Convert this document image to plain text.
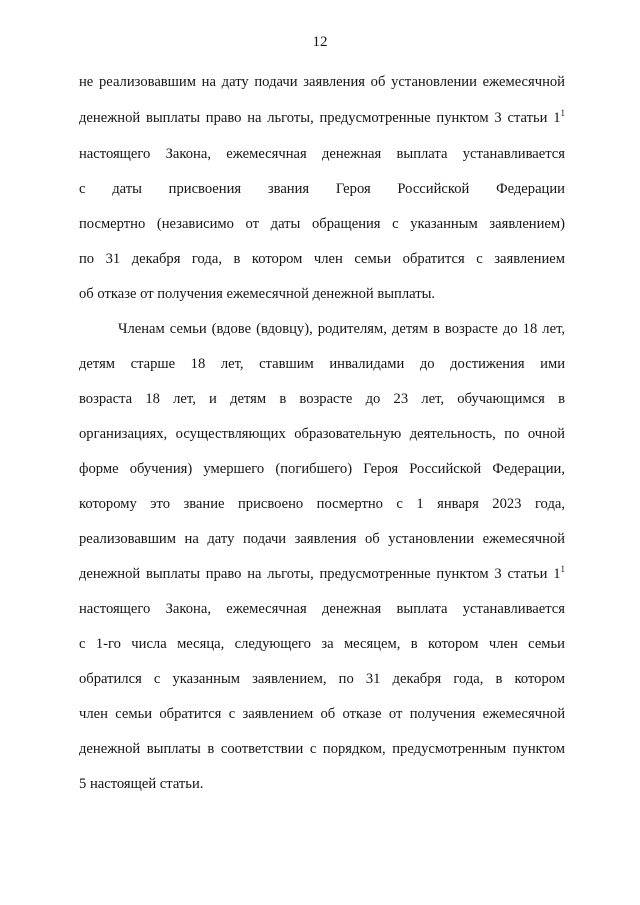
12
не реализовавшим на дату подачи заявления об установлении ежемесячной
денежной выплаты право на льготы, предусмотренные пунктом 3 статьи $1^1$
настоящего Закона, ежемесячная денежная выплата устанавливается
с даты присвоения звания Героя Российской Федерации
посмертно (независимо от даты обращения с указанным заявлением)
по 31 декабря года, в котором член семьи обратится с заявлением
об отказе от получения ежемесячной денежной выплаты.
Членам семьи (вдове (вдовцу), родителям, детям в возрасте до 18 лет,
детям старше 18 лет, ставшим инвалидами до достижения ими
возраста 18 лет, и детям в возрасте до 23 лет, обучающимся в
организациях, осуществляющих образовательную деятельность, по очной
форме обучения) умершего (погибшего) Героя Российской Федерации,
которому это звание присвоено посмертно с 1 января 2023 года,
реализовавшим на дату подачи заявления об установлении ежемесячной
денежной выплаты право на льготы, предусмотренные пунктом 3 статьи $1^1$
настоящего Закона, ежемесячная денежная выплата устанавливается
с 1-го числа месяца, следующего за месяцем, в котором член семьи
обратился с указанным заявлением, по 31 декабря года, в котором
член семьи обратится с заявлением об отказе от получения ежемесячной
денежной выплаты в соответствии с порядком, предусмотренным пунктом
5 настоящей статьи.
